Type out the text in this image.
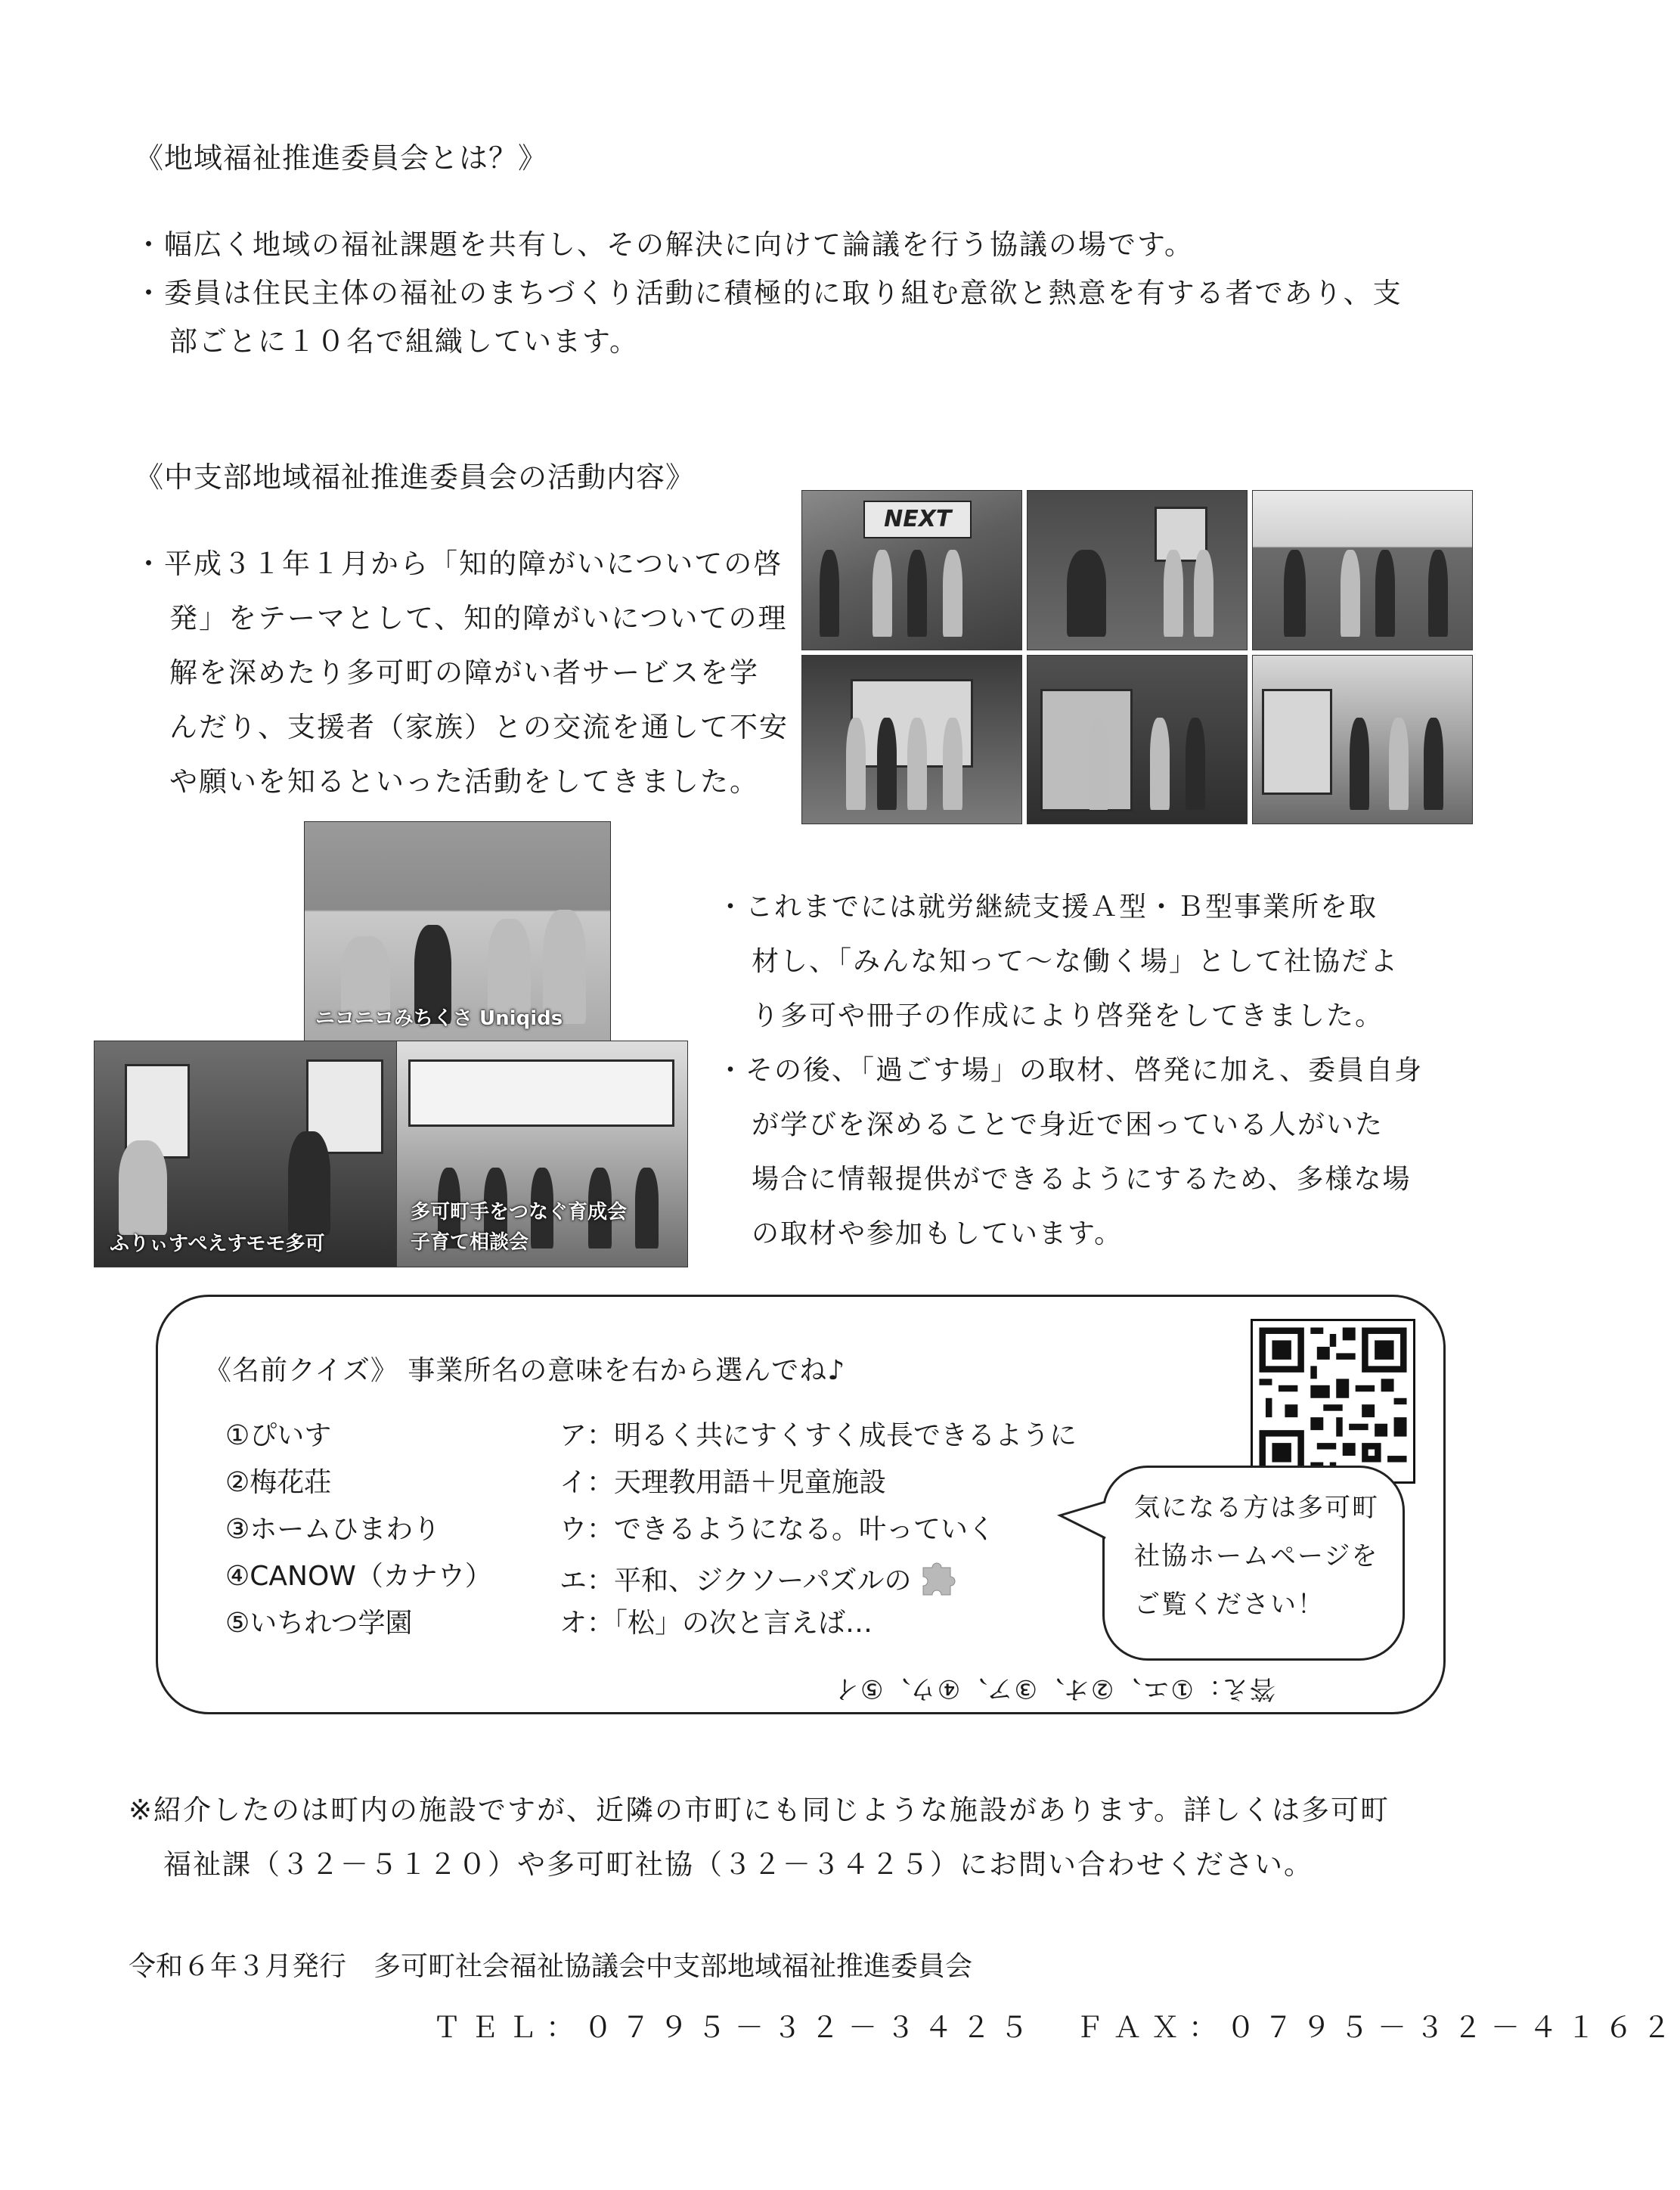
《地域福祉推進委員会とは？》
・幅広く地域の福祉課題を共有し、その解決に向けて論議を行う協議の場です。
・委員は住民主体の福祉のまちづくり活動に積極的に取り組む意欲と熱意を有する者であり、支
部ごとに１０名で組織しています。
《中支部地域福祉推進委員会の活動内容》
・平成３１年１月から「知的障がいについての啓
発」をテーマとして、知的障がいについての理
解を深めたり多可町の障がい者サービスを学
んだり、支援者（家族）との交流を通して不安
や願いを知るといった活動をしてきました。
NEXT
ニコニコみちくさ Uniqids
ふりぃすぺえすモモ多可
多可町手をつなぐ育成会
子育て相談会
・これまでには就労継続支援Ａ型・Ｂ型事業所を取
材し、「みんな知って～な働く場」として社協だよ
り多可や冊子の作成により啓発をしてきました。
・その後、「過ごす場」の取材、啓発に加え、委員自身
が学びを深めることで身近で困っている人がいた
場合に情報提供ができるようにするため、多様な場
の取材や参加もしています。
《名前クイズ》 事業所名の意味を右から選んでね♪
①ぴいす
②梅花荘
③ホームひまわり
④CANOW（カナウ）
⑤いちれつ学園
ア：明るく共にすくすく成長できるように
イ：天理教用語＋児童施設
ウ：できるようになる。叶っていく
エ：平和、ジクソーパズルの
オ：「松」の次と言えば…
気になる方は多可町
社協ホームページを
ご覧ください！
答え：①エ、②オ、③ア、④ウ、⑤イ
※紹介したのは町内の施設ですが、近隣の市町にも同じような施設があります。詳しくは多可町
福祉課（３２－５１２０）や多可町社協（３２－３４２５）にお問い合わせください。
令和６年３月発行　多可町社会福祉協議会中支部地域福祉推進委員会
ＴＥＬ：０７９５－３２－３４２５　ＦＡＸ：０７９５－３２－４１６２
